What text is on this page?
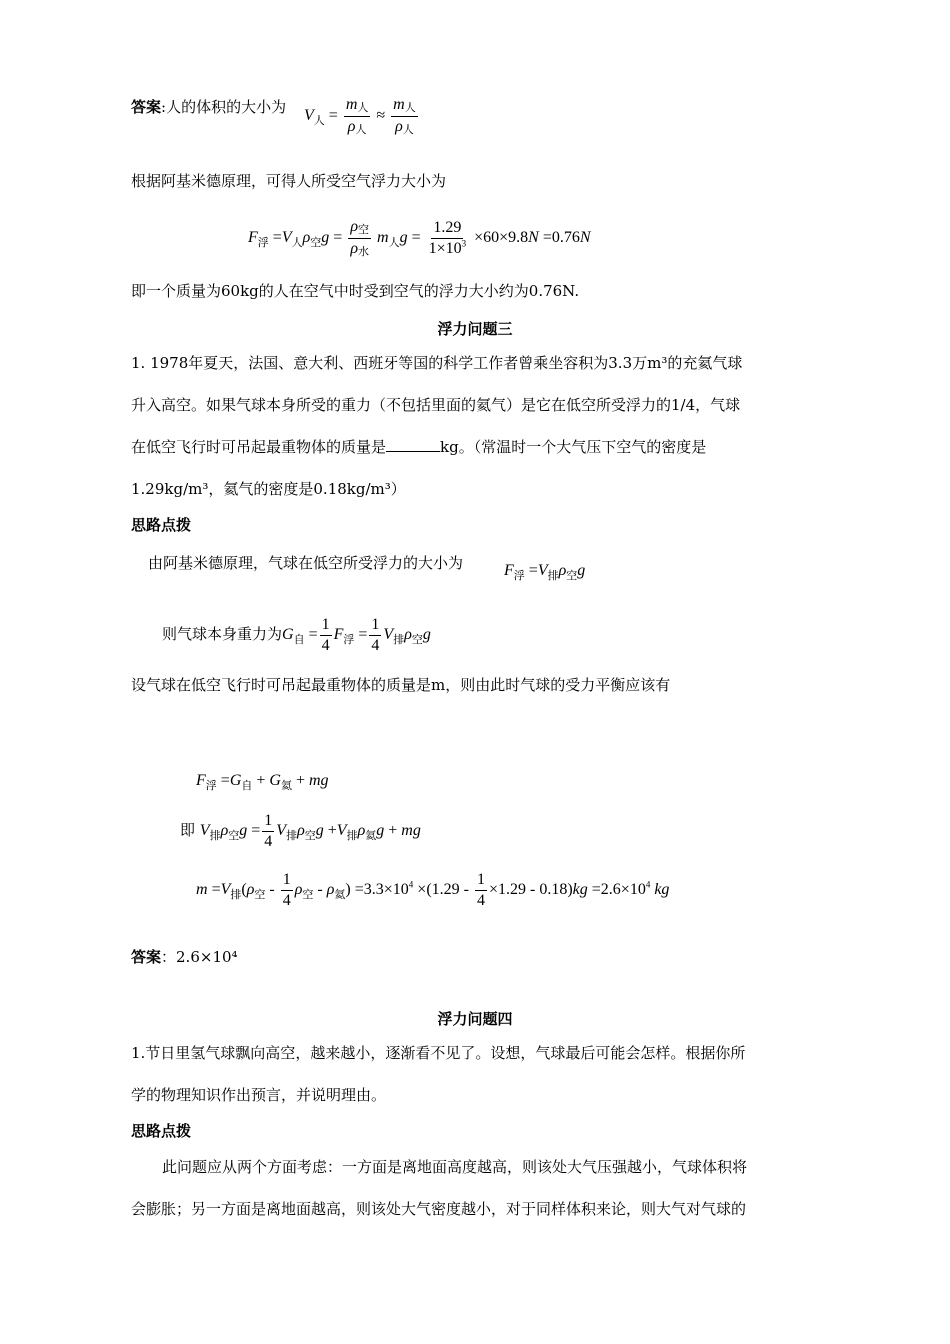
答案:人的体积的大小为 $V_人 = \frac{\text{m人}}{\text{ρ人}} \approx \frac{\text{m人}}{\text{ρ人}}$
根据阿基米德原理，可得人所受空气浮力大小为
$F_浮 =V_人\rho_空g = \frac{\text{ρ空}}{\text{ρ水}} m_人g = \frac{1.29}{1\times 10^3} \times 60\times 9.8N =0.76N$
即一个质量为60kg的人在空气中时受到空气的浮力大小约为0.76N.
浮力问题三
1. 1978年夏天，法国、意大利、西班牙等国的科学工作者曾乘坐容积为3.3万m³的充氦气球
升入高空。如果气球本身所受的重力（不包括里面的氦气）是它在低空所受浮力的1/4，气球
在低空飞行时可吊起最重物体的质量是	kg。（常温时一个大气压下空气的密度是
1.29kg/m³，氦气的密度是0.18kg/m³）
思路点拨
由阿基米德原理，气球在低空所受浮力的大小为	$F_浮 =V_排\rho_空g$
则气球本身重力为$G_自 = \frac{1}{4} F_浮 = \frac{1}{4} V_排\rho_空g$
设气球在低空飞行时可吊起最重物体的质量是m，则由此时气球的受力平衡应该有
$F_浮 =G_自 + G_氦$ + mg
即 $V_排\rho_空g = \frac{1}{4} V_排\rho_空g +V_排\rho_氦g$ + mg
$m =V_排(\rho_空 - \frac{1}{4} \rho_空 - \rho_氦) =3.3\times 10^4 \times(1.29 - \frac{1}{4} \times 1.29 - 0.18)kg =2.6\times 10^4$ kg
答案：2.6×10⁴
浮力问题四
1.节日里氢气球飘向高空，越来越小，逐渐看不见了。设想，气球最后可能会怎样。根据你所
学的物理知识作出预言，并说明理由。
思路点拨
此问题应从两个方面考虑：一方面是离地面高度越高，则该处大气压强越小，气球体积将
会膨胀；另一方面是离地面越高，则该处大气密度越小，对于同样体积来论，则大气对气球的
